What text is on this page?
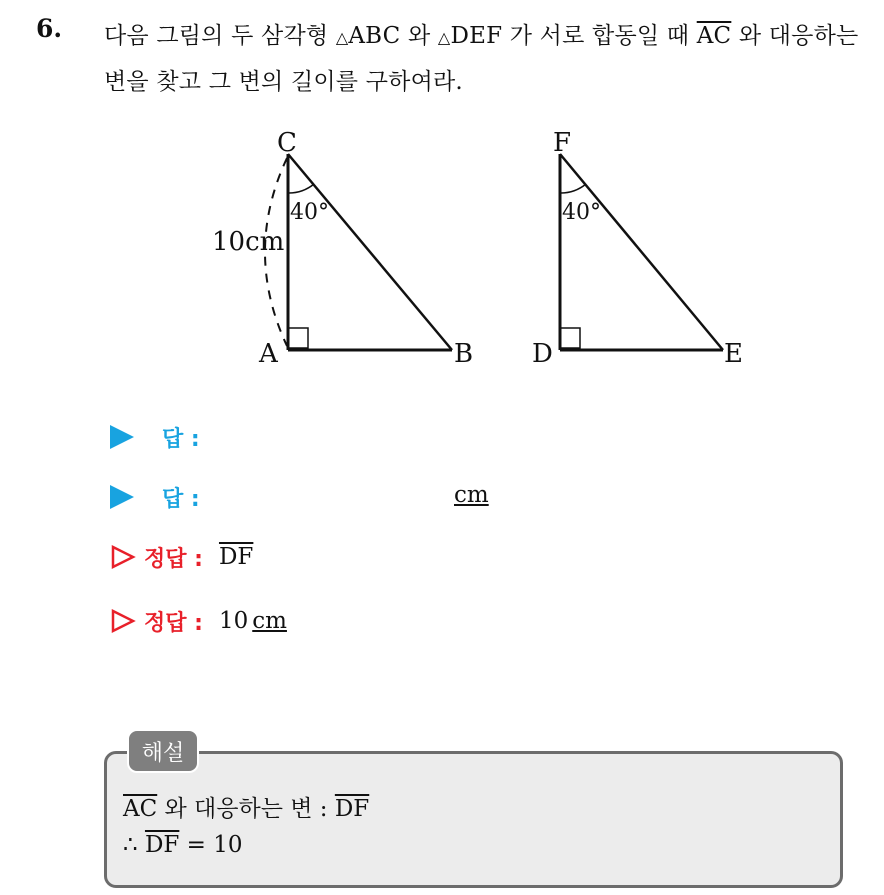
6. 다음 그림의 두 삼각형 △ABC 와 △DEF 가 서로 합동일 때 $\overline{AC}$ 와 대응하는 변을 찾고 그 변의 길이를 구하여라.
C
A	B
10cm
40°
F
D	E
40°
답 :
답 :	cm
정답 : $\overline{DF}$
정답 : 10 cm
해설
$\overline{AC}$ 와 대응하는 변 : $\overline{DF}$
∴ $\overline{DF} = 10$
